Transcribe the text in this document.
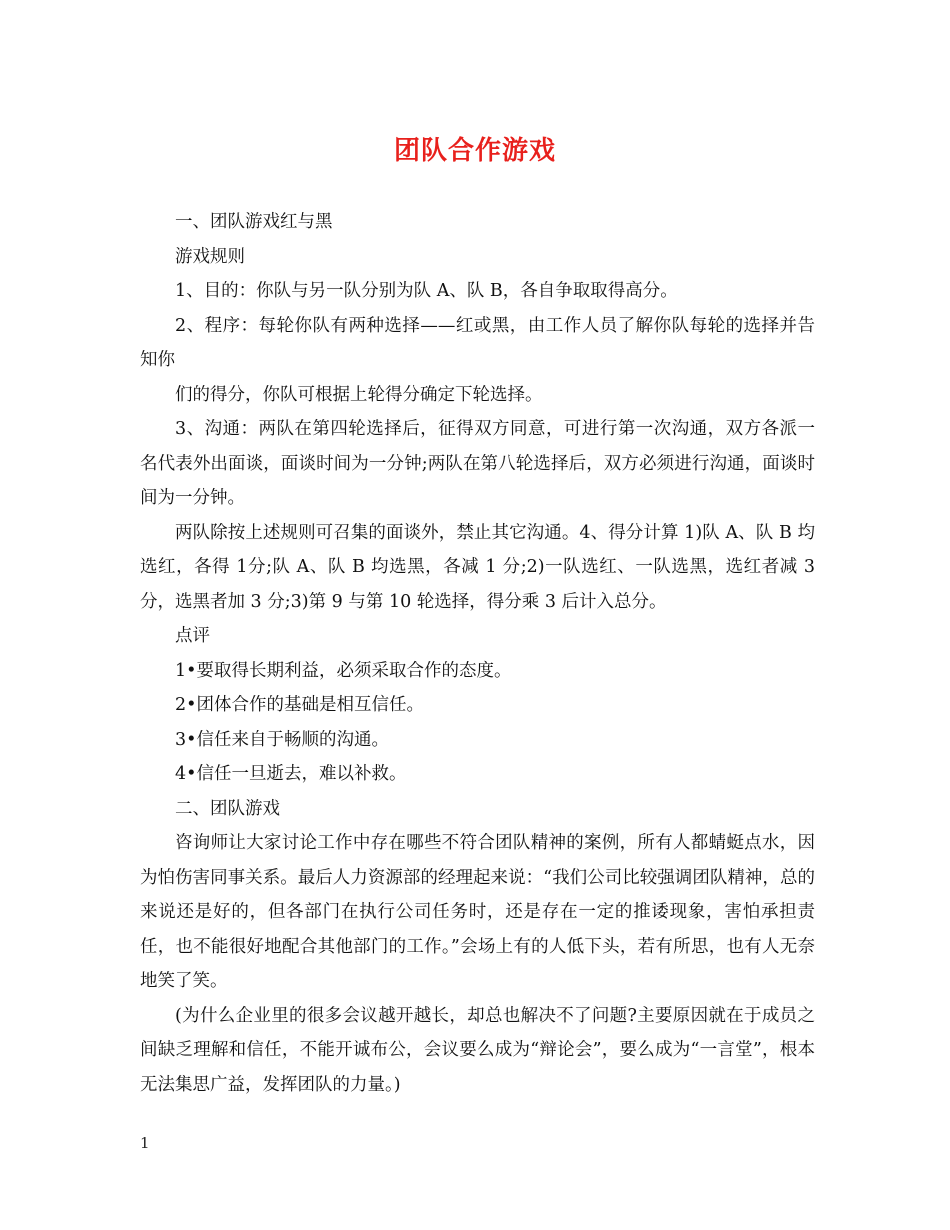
团队合作游戏

一、团队游戏红与黑

游戏规则

1、目的：你队与另一队分别为队 A、队 B，各自争取取得高分。

2、程序：每轮你队有两种选择——红或黑，由工作人员了解你队每轮的选择并告知你

们的得分，你队可根据上轮得分确定下轮选择。

3、沟通：两队在第四轮选择后，征得双方同意，可进行第一次沟通，双方各派一名代表外出面谈，面谈时间为一分钟;两队在第八轮选择后，双方必须进行沟通，面谈时间为一分钟。

两队除按上述规则可召集的面谈外，禁止其它沟通。4、得分计算 1)队 A、队 B 均选红，各得 1分;队 A、队 B 均选黑，各减 1 分;2)一队选红、一队选黑，选红者减 3 分，选黑者加 3 分;3)第 9 与第 10 轮选择，得分乘 3 后计入总分。

点评

1•要取得长期利益，必须采取合作的态度。

2•团体合作的基础是相互信任。

3•信任来自于畅顺的沟通。

4•信任一旦逝去，难以补救。

二、团队游戏

咨询师让大家讨论工作中存在哪些不符合团队精神的案例，所有人都蜻蜓点水，因为怕伤害同事关系。最后人力资源部的经理起来说：“我们公司比较强调团队精神，总的来说还是好的，但各部门在执行公司任务时，还是存在一定的推诿现象，害怕承担责任，也不能很好地配合其他部门的工作。”会场上有的人低下头，若有所思，也有人无奈地笑了笑。

(为什么企业里的很多会议越开越长，却总也解决不了问题?主要原因就在于成员之间缺乏理解和信任，不能开诚布公，会议要么成为“辩论会”，要么成为“一言堂”，根本无法集思广益，发挥团队的力量。)

1
